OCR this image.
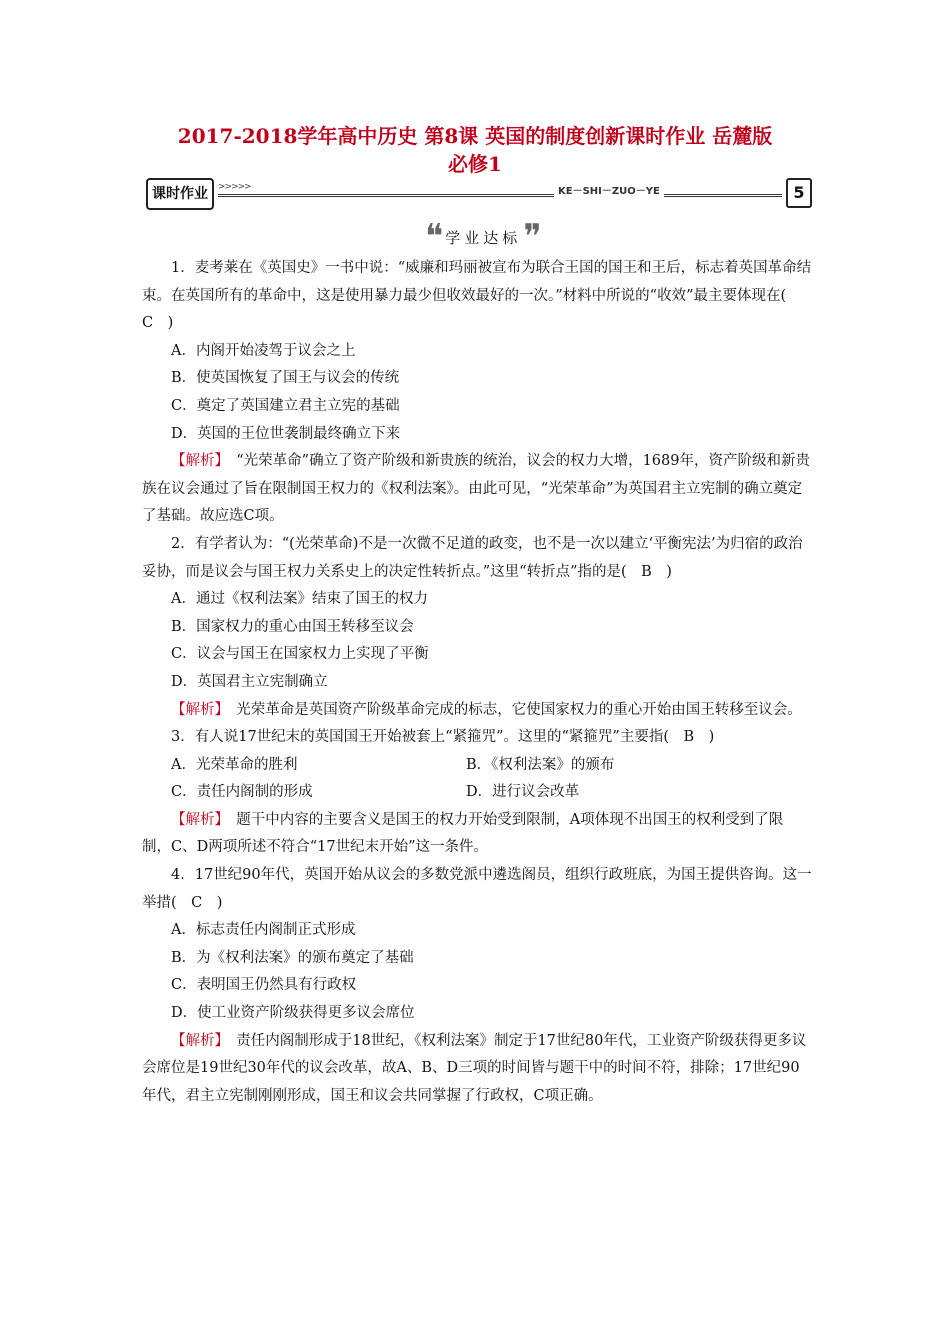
2017-2018学年高中历史 第8课 英国的制度创新课时作业 岳麓版
必修1
课时作业	>>>>>	KE－SHI－ZUO－YE	5
❝ 学业达标 ❞

1．麦考莱在《英国史》一书中说：“威廉和玛丽被宣布为联合王国的国王和王后，标志着英国革命结束。在英国所有的革命中，这是使用暴力最少但收效最好的一次。”材料中所说的“收效”最主要体现在(　C　)

A．内阁开始凌驾于议会之上

B．使英国恢复了国王与议会的传统

C．奠定了英国建立君主立宪的基础

D．英国的王位世袭制最终确立下来

【解析】　“光荣革命”确立了资产阶级和新贵族的统治，议会的权力大增，1689年，资产阶级和新贵族在议会通过了旨在限制国王权力的《权利法案》。由此可见，“光荣革命”为英国君主立宪制的确立奠定了基础。故应选C项。

2．有学者认为：“(光荣革命)不是一次微不足道的政变，也不是一次以建立‘平衡宪法’为归宿的政治妥协，而是议会与国王权力关系史上的决定性转折点。”这里“转折点”指的是(　B　)

A．通过《权利法案》结束了国王的权力

B．国家权力的重心由国王转移至议会

C．议会与国王在国家权力上实现了平衡

D．英国君主立宪制确立

【解析】　光荣革命是英国资产阶级革命完成的标志，它使国家权力的重心开始由国王转移至议会。

3．有人说17世纪末的英国国王开始被套上“紧箍咒”。这里的“紧箍咒”主要指(　B　)

A．光荣革命的胜利	B．《权利法案》的颁布
C．责任内阁制的形成	D．进行议会改革

【解析】　题干中内容的主要含义是国王的权力开始受到限制，A项体现不出国王的权利受到了限制，C、D两项所述不符合“17世纪末开始”这一条件。

4．17世纪90年代，英国开始从议会的多数党派中遴选阁员，组织行政班底，为国王提供咨询。这一举措(　C　)

A．标志责任内阁制正式形成

B．为《权利法案》的颁布奠定了基础

C．表明国王仍然具有行政权

D．使工业资产阶级获得更多议会席位

【解析】　责任内阁制形成于18世纪，《权利法案》制定于17世纪80年代，工业资产阶级获得更多议会席位是19世纪30年代的议会改革，故A、B、D三项的时间皆与题干中的时间不符，排除；17世纪90年代，君主立宪制刚刚形成，国王和议会共同掌握了行政权，C项正确。
